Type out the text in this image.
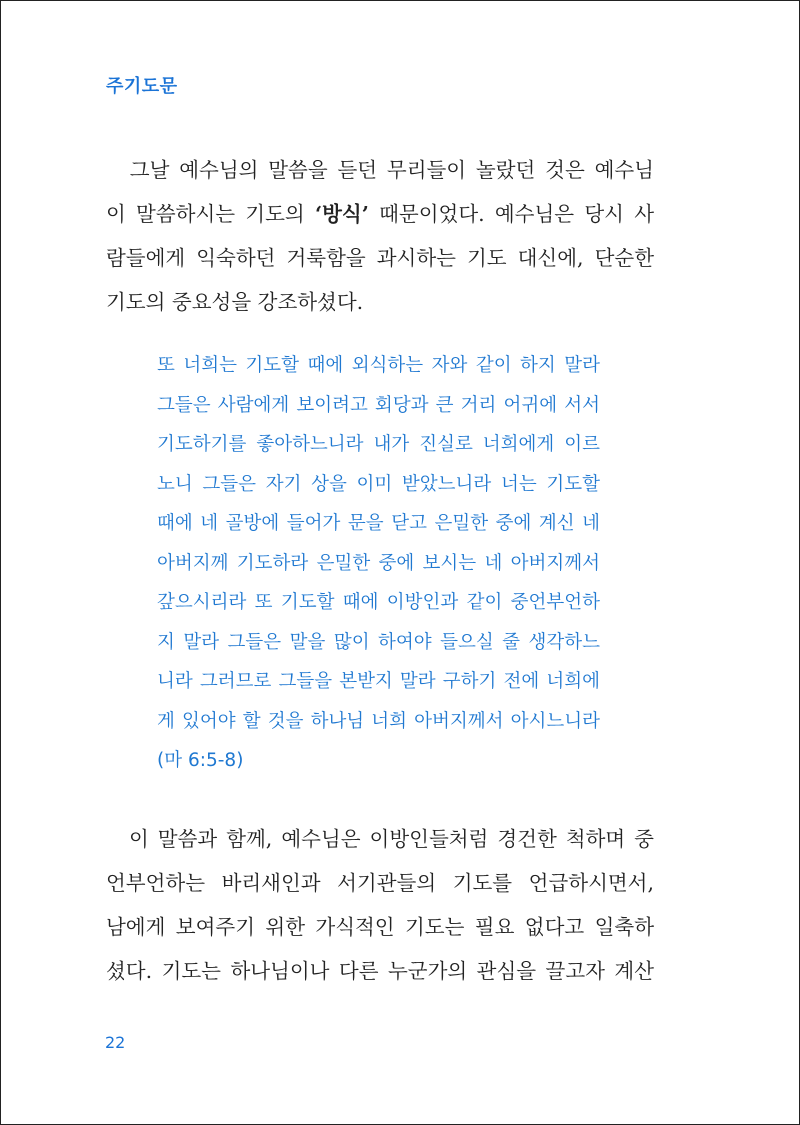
주기도문
　그날 예수님의 말씀을 듣던 무리들이 놀랐던 것은 예수님
이 말씀하시는 기도의 ‘방식’ 때문이었다. 예수님은 당시 사
람들에게 익숙하던 거룩함을 과시하는 기도 대신에, 단순한
기도의 중요성을 강조하셨다.
또 너희는 기도할 때에 외식하는 자와 같이 하지 말라
그들은 사람에게 보이려고 회당과 큰 거리 어귀에 서서
기도하기를 좋아하느니라 내가 진실로 너희에게 이르
노니 그들은 자기 상을 이미 받았느니라 너는 기도할
때에 네 골방에 들어가 문을 닫고 은밀한 중에 계신 네
아버지께 기도하라 은밀한 중에 보시는 네 아버지께서
갚으시리라 또 기도할 때에 이방인과 같이 중언부언하
지 말라 그들은 말을 많이 하여야 들으실 줄 생각하느
니라 그러므로 그들을 본받지 말라 구하기 전에 너희에
게 있어야 할 것을 하나님 너희 아버지께서 아시느니라
(마 6:5-8)
　이 말씀과 함께, 예수님은 이방인들처럼 경건한 척하며 중
언부언하는 바리새인과 서기관들의 기도를 언급하시면서,
남에게 보여주기 위한 가식적인 기도는 필요 없다고 일축하
셨다. 기도는 하나님이나 다른 누군가의 관심을 끌고자 계산
22
